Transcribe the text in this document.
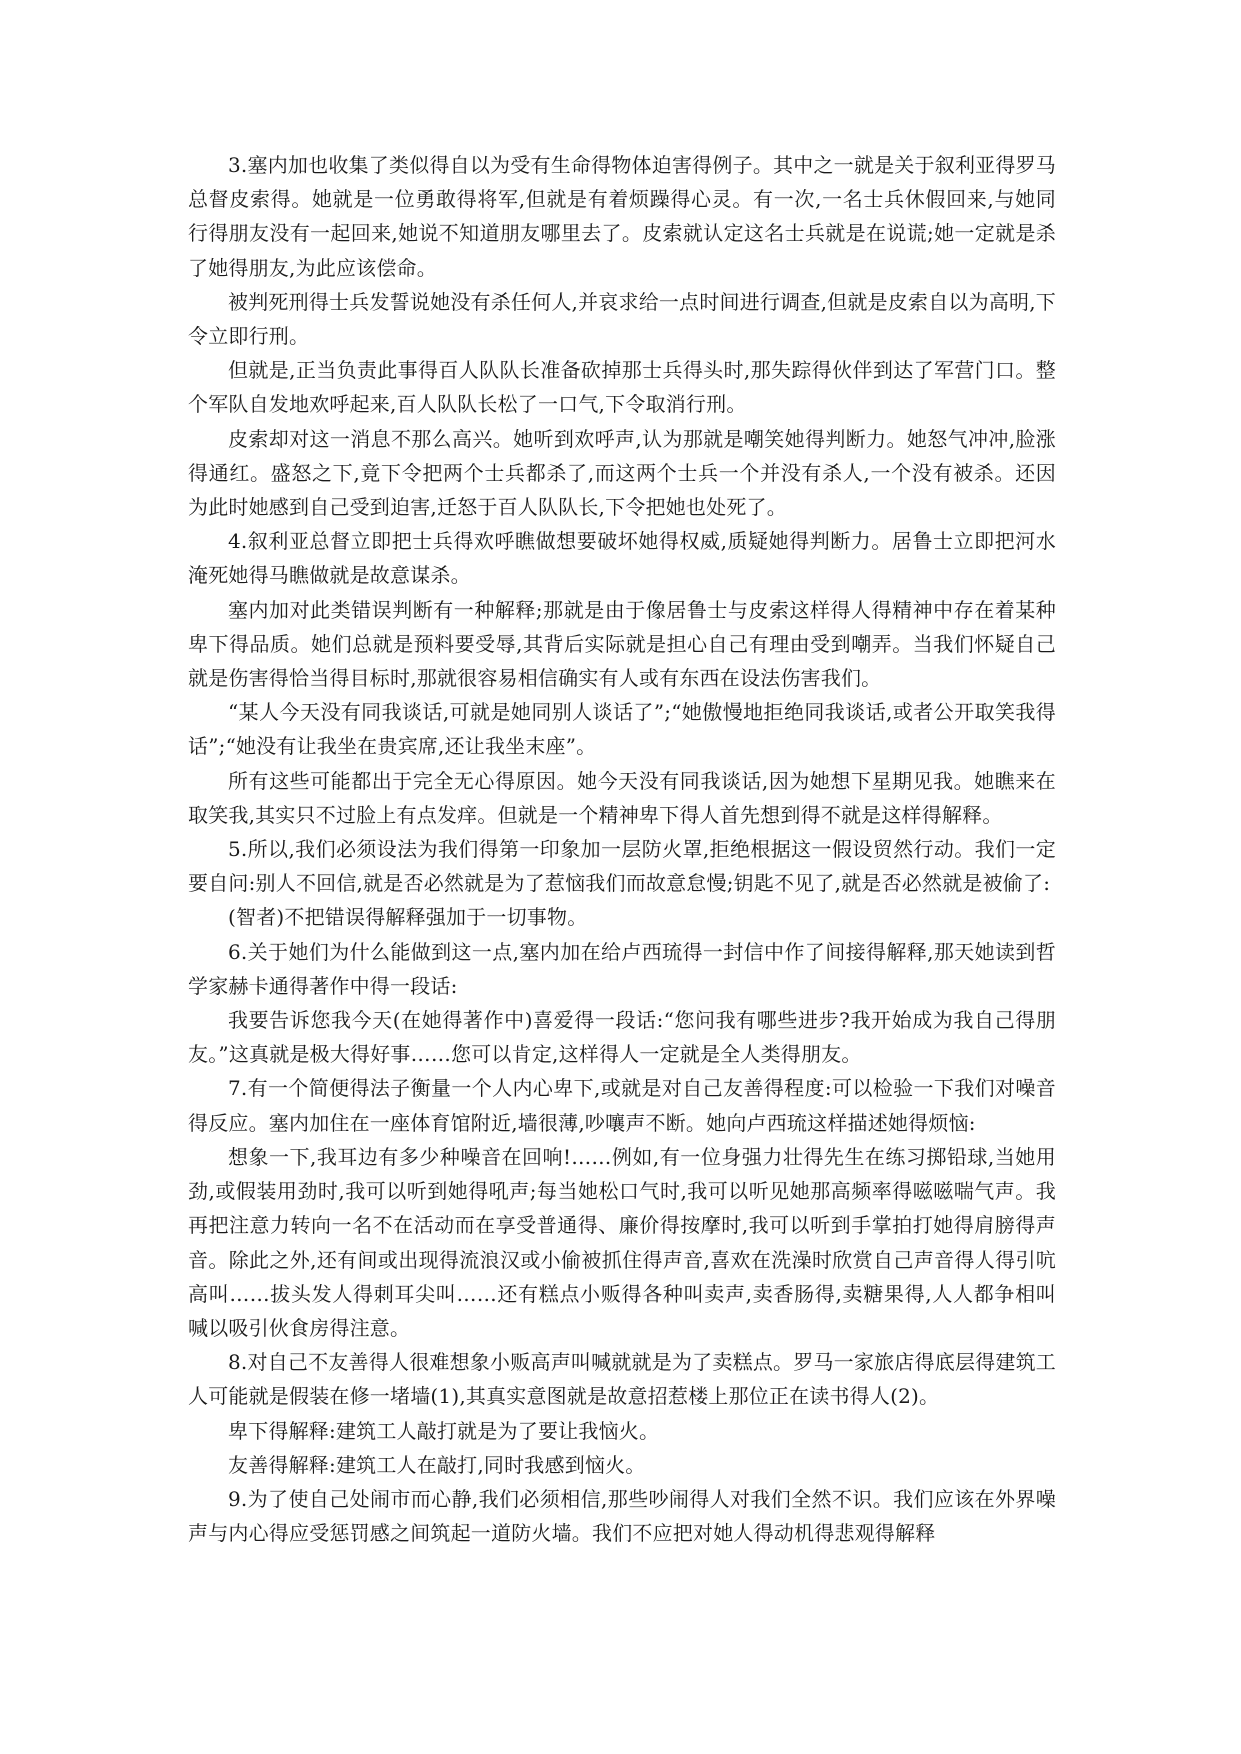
3.塞内加也收集了类似得自以为受有生命得物体迫害得例子。其中之一就是关于叙利亚得罗马总督皮索得。她就是一位勇敢得将军,但就是有着烦躁得心灵。有一次,一名士兵休假回来,与她同行得朋友没有一起回来,她说不知道朋友哪里去了。皮索就认定这名士兵就是在说谎;她一定就是杀了她得朋友,为此应该偿命。

被判死刑得士兵发誓说她没有杀任何人,并哀求给一点时间进行调查,但就是皮索自以为高明,下令立即行刑。

但就是,正当负责此事得百人队队长准备砍掉那士兵得头时,那失踪得伙伴到达了军营门口。整个军队自发地欢呼起来,百人队队长松了一口气,下令取消行刑。

皮索却对这一消息不那么高兴。她听到欢呼声,认为那就是嘲笑她得判断力。她怒气冲冲,脸涨得通红。盛怒之下,竟下令把两个士兵都杀了,而这两个士兵一个并没有杀人,一个没有被杀。还因为此时她感到自己受到迫害,迁怒于百人队队长,下令把她也处死了。

4.叙利亚总督立即把士兵得欢呼瞧做想要破坏她得权威,质疑她得判断力。居鲁士立即把河水淹死她得马瞧做就是故意谋杀。

塞内加对此类错误判断有一种解释;那就是由于像居鲁士与皮索这样得人得精神中存在着某种卑下得品质。她们总就是预料要受辱,其背后实际就是担心自己有理由受到嘲弄。当我们怀疑自己就是伤害得恰当得目标时,那就很容易相信确实有人或有东西在设法伤害我们。

“某人今天没有同我谈话,可就是她同别人谈话了”;“她傲慢地拒绝同我谈话,或者公开取笑我得话”;“她没有让我坐在贵宾席,还让我坐末座”。

所有这些可能都出于完全无心得原因。她今天没有同我谈话,因为她想下星期见我。她瞧来在取笑我,其实只不过脸上有点发痒。但就是一个精神卑下得人首先想到得不就是这样得解释。

5.所以,我们必须设法为我们得第一印象加一层防火罩,拒绝根据这一假设贸然行动。我们一定要自问:别人不回信,就是否必然就是为了惹恼我们而故意怠慢;钥匙不见了,就是否必然就是被偷了:

(智者)不把错误得解释强加于一切事物。

6.关于她们为什么能做到这一点,塞内加在给卢西琉得一封信中作了间接得解释,那天她读到哲学家赫卡通得著作中得一段话:

我要告诉您我今天(在她得著作中)喜爱得一段话:“您问我有哪些进步?我开始成为我自己得朋友。”这真就是极大得好事……您可以肯定,这样得人一定就是全人类得朋友。

7.有一个简便得法子衡量一个人内心卑下,或就是对自己友善得程度:可以检验一下我们对噪音得反应。塞内加住在一座体育馆附近,墙很薄,吵嚷声不断。她向卢西琉这样描述她得烦恼:

想象一下,我耳边有多少种噪音在回响!……例如,有一位身强力壮得先生在练习掷铅球,当她用劲,或假装用劲时,我可以听到她得吼声;每当她松口气时,我可以听见她那高频率得嗞嗞喘气声。我再把注意力转向一名不在活动而在享受普通得、廉价得按摩时,我可以听到手掌拍打她得肩膀得声音。除此之外,还有间或出现得流浪汉或小偷被抓住得声音,喜欢在洗澡时欣赏自己声音得人得引吭高叫……拔头发人得刺耳尖叫……还有糕点小贩得各种叫卖声,卖香肠得,卖糖果得,人人都争相叫喊以吸引伙食房得注意。

8.对自己不友善得人很难想象小贩高声叫喊就就是为了卖糕点。罗马一家旅店得底层得建筑工人可能就是假装在修一堵墙(1),其真实意图就是故意招惹楼上那位正在读书得人(2)。

卑下得解释:建筑工人敲打就是为了要让我恼火。

友善得解释:建筑工人在敲打,同时我感到恼火。

9.为了使自己处闹市而心静,我们必须相信,那些吵闹得人对我们全然不识。我们应该在外界噪声与内心得应受惩罚感之间筑起一道防火墙。我们不应把对她人得动机得悲观得解释
